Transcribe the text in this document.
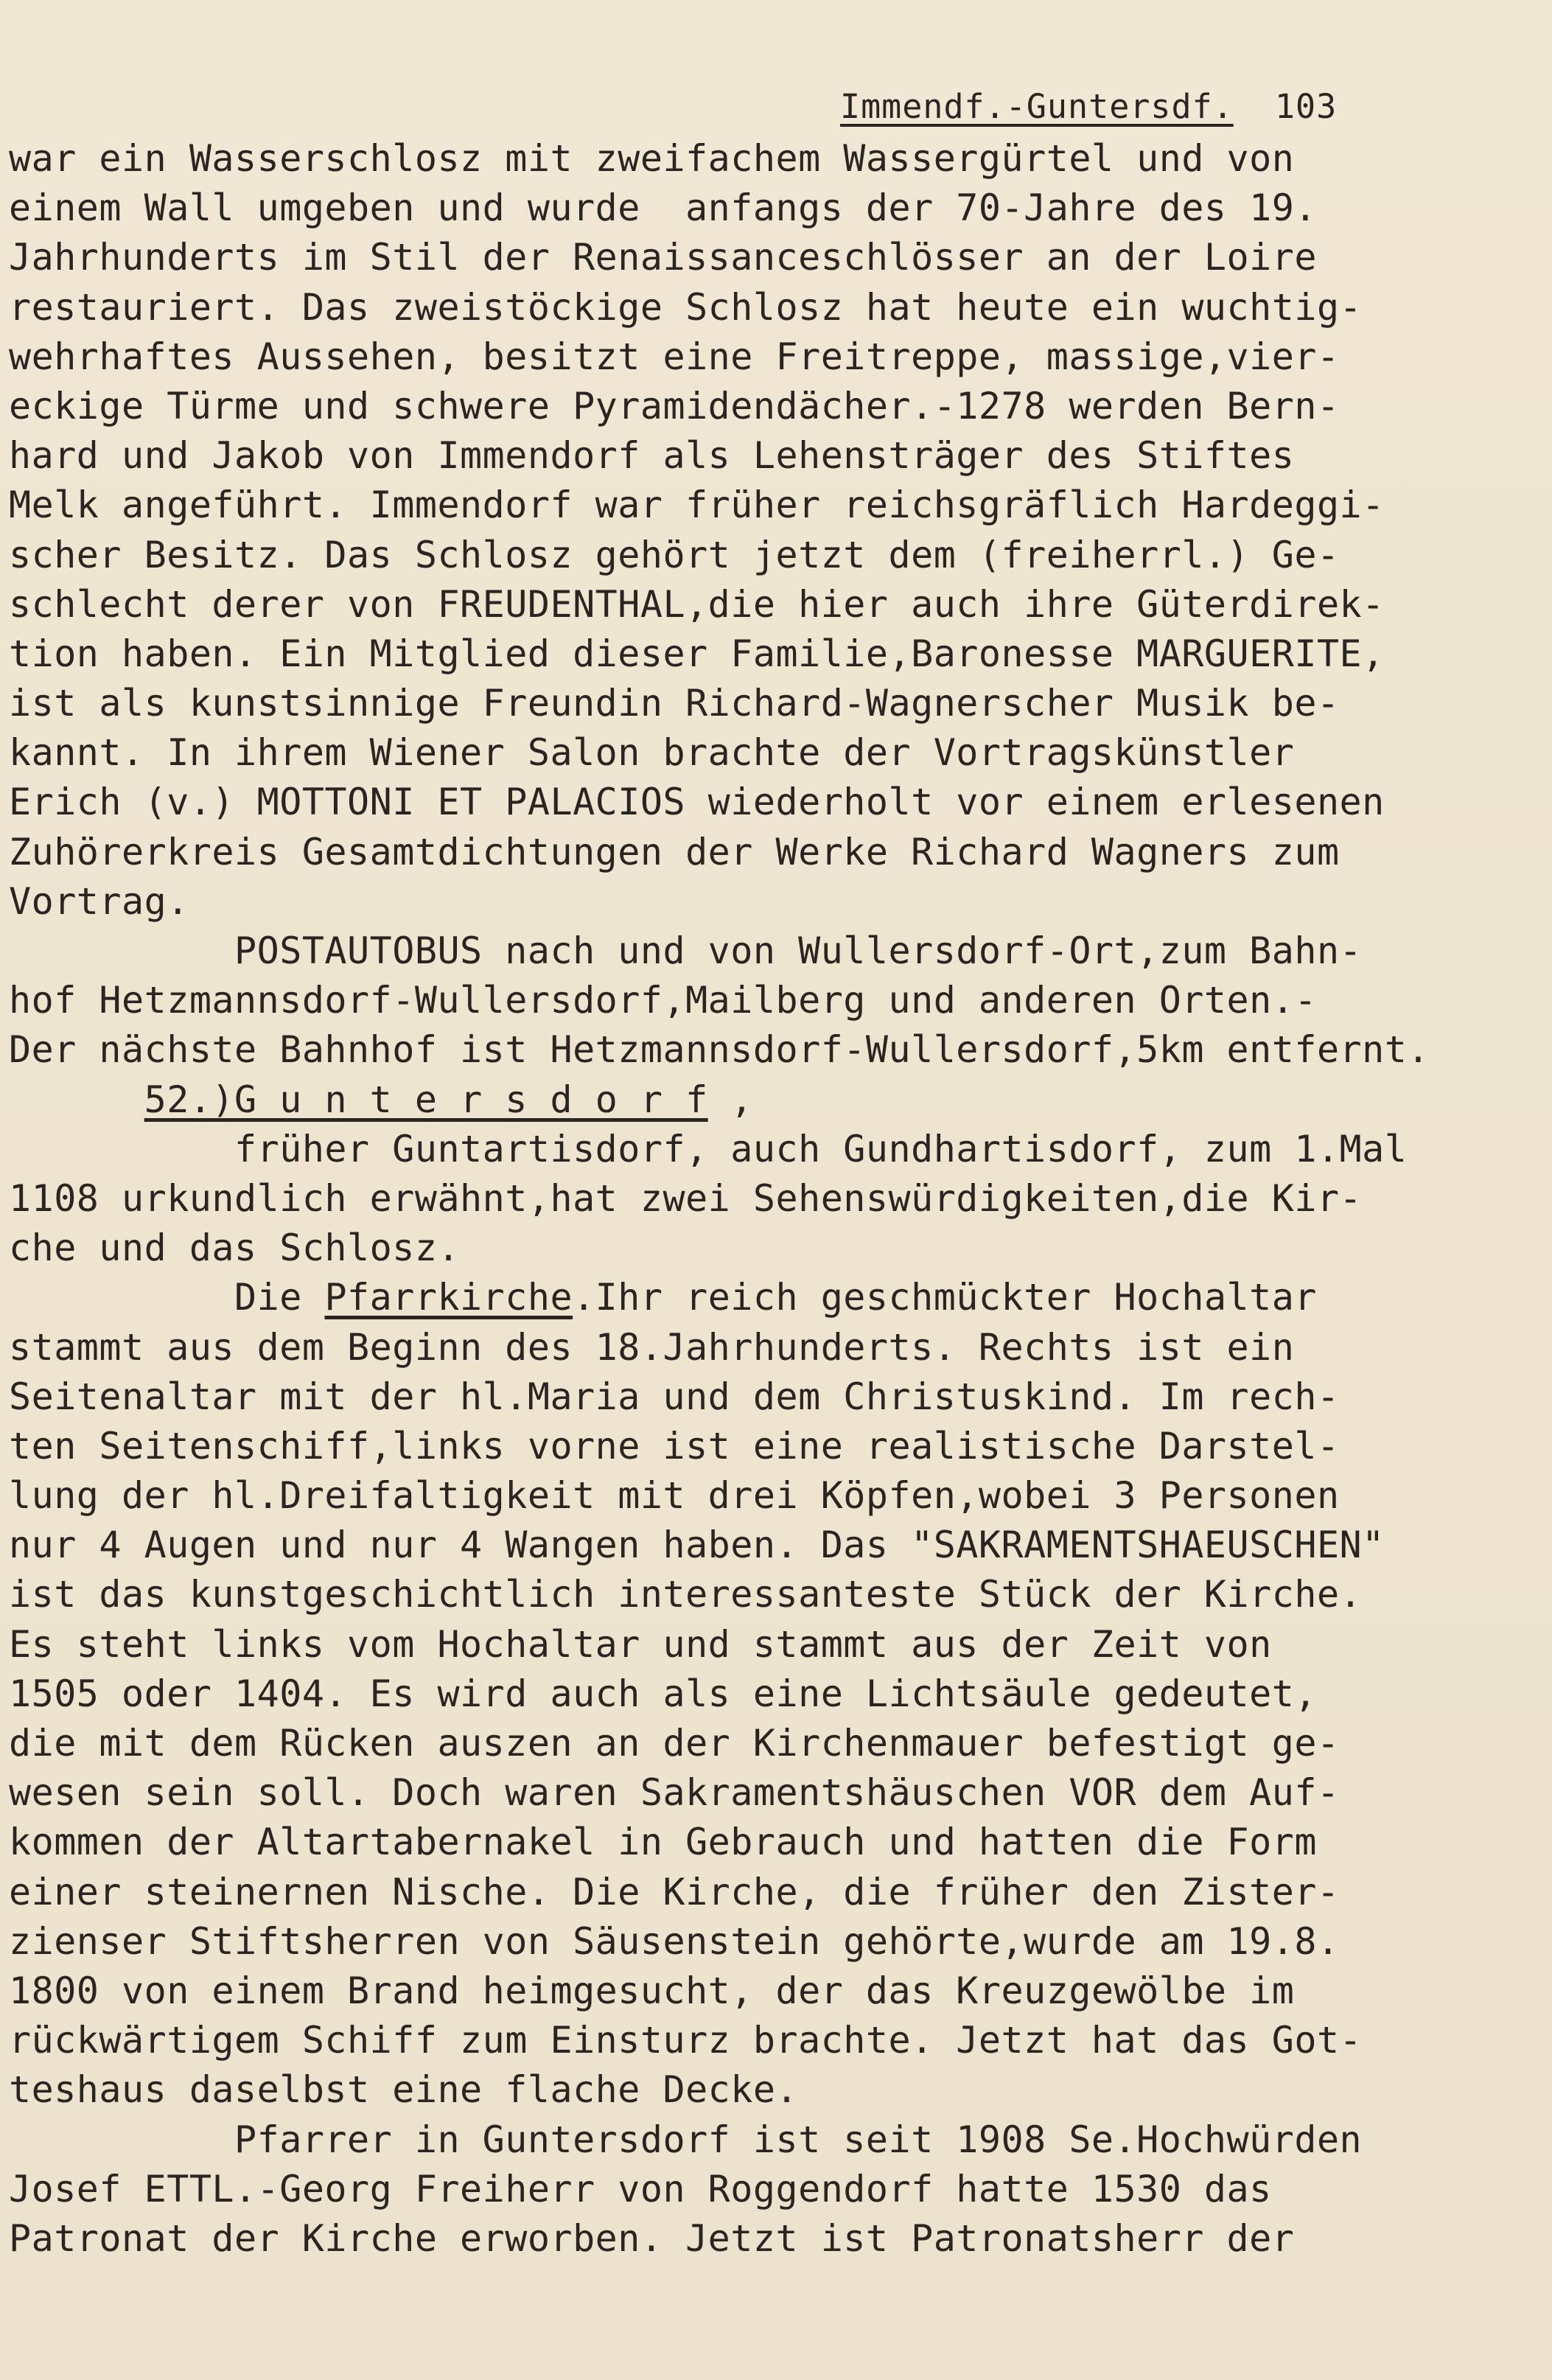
Immendf.-Guntersdf. 103
war ein Wasserschlosz mit zweifachem Wassergürtel und von
einem Wall umgeben und wurde  anfangs der 70-Jahre des 19.
Jahrhunderts im Stil der Renaissanceschlösser an der Loire
restauriert. Das zweistöckige Schlosz hat heute ein wuchtig-
wehrhaftes Aussehen, besitzt eine Freitreppe, massige,vier-
eckige Türme und schwere Pyramidendächer.-1278 werden Bern-
hard und Jakob von Immendorf als Lehensträger des Stiftes
Melk angeführt. Immendorf war früher reichsgräflich Hardeggi-
scher Besitz. Das Schlosz gehört jetzt dem (freiherrl.) Ge-
schlecht derer von FREUDENTHAL,die hier auch ihre Güterdirek-
tion haben. Ein Mitglied dieser Familie,Baronesse MARGUERITE,
ist als kunstsinnige Freundin Richard-Wagnerscher Musik be-
kannt. In ihrem Wiener Salon brachte der Vortragskünstler
Erich (v.) MOTTONI ET PALACIOS wiederholt vor einem erlesenen
Zuhörerkreis Gesamtdichtungen der Werke Richard Wagners zum
Vortrag.
POSTAUTOBUS nach und von Wullersdorf-Ort,zum Bahn-
hof Hetzmannsdorf-Wullersdorf,Mailberg und anderen Orten.-
Der nächste Bahnhof ist Hetzmannsdorf-Wullersdorf,5km entfernt.
52.)G u n t e r s d o r f ,
früher Guntartisdorf, auch Gundhartisdorf, zum 1.Mal
1108 urkundlich erwähnt,hat zwei Sehenswürdigkeiten,die Kir-
che und das Schlosz.
Die Pfarrkirche.Ihr reich geschmückter Hochaltar
stammt aus dem Beginn des 18.Jahrhunderts. Rechts ist ein
Seitenaltar mit der hl.Maria und dem Christuskind. Im rech-
ten Seitenschiff,links vorne ist eine realistische Darstel-
lung der hl.Dreifaltigkeit mit drei Köpfen,wobei 3 Personen
nur 4 Augen und nur 4 Wangen haben. Das "SAKRAMENTSHAEUSCHEN"
ist das kunstgeschichtlich interessanteste Stück der Kirche.
Es steht links vom Hochaltar und stammt aus der Zeit von
1505 oder 1404. Es wird auch als eine Lichtsäule gedeutet,
die mit dem Rücken auszen an der Kirchenmauer befestigt ge-
wesen sein soll. Doch waren Sakramentshäuschen VOR dem Auf-
kommen der Altartabernakel in Gebrauch und hatten die Form
einer steinernen Nische. Die Kirche, die früher den Zister-
zienser Stiftsherren von Säusenstein gehörte,wurde am 19.8.
1800 von einem Brand heimgesucht, der das Kreuzgewölbe im
rückwärtigem Schiff zum Einsturz brachte. Jetzt hat das Got-
teshaus daselbst eine flache Decke.
Pfarrer in Guntersdorf ist seit 1908 Se.Hochwürden
Josef ETTL.-Georg Freiherr von Roggendorf hatte 1530 das
Patronat der Kirche erworben. Jetzt ist Patronatsherr der
